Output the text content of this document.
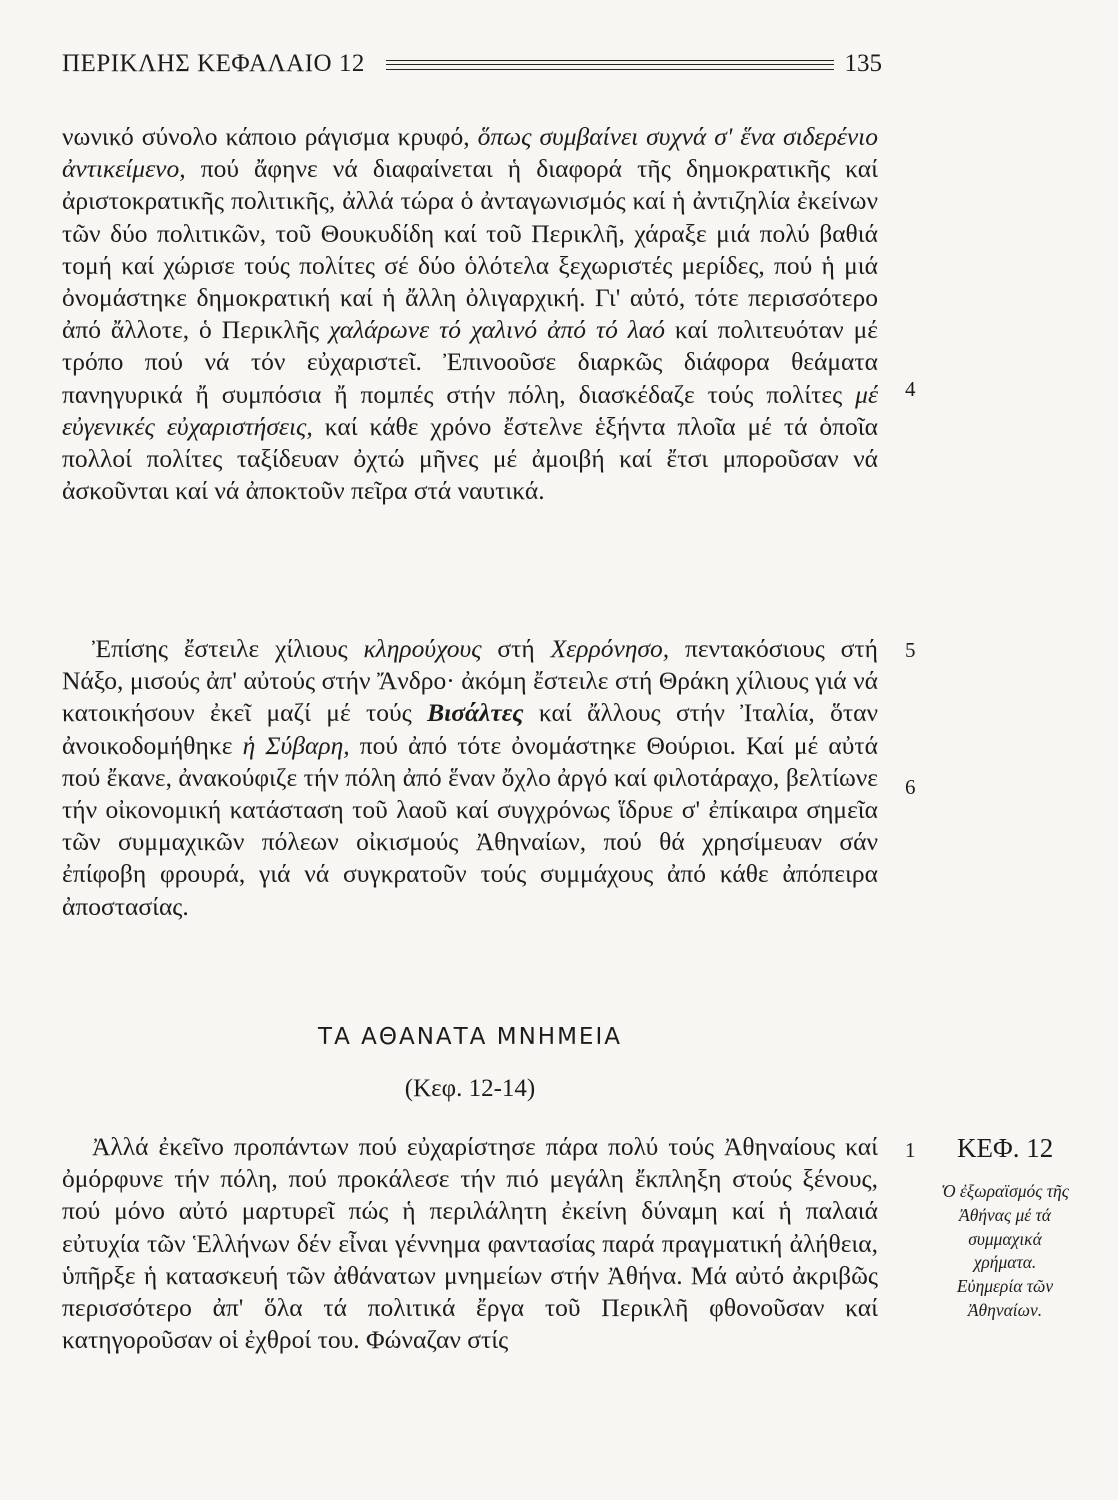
ΠΕΡΙΚΛΗΣ ΚΕΦΑΛΑΙΟ 12	135
νωνικό σύνολο κάποιο ράγισμα κρυφό, ὅπως συμβαίνει συχνά σ' ἕνα σιδερένιο ἀντικείμενο, πού ἄφηνε νά διαφαίνεται ἡ διαφορά τῆς δημοκρατικῆς καί ἀριστοκρατικῆς πολιτικῆς, ἀλλά τώρα ὁ ἀνταγωνισμός καί ἡ ἀντιζηλία ἐκείνων τῶν δύο πολιτικῶν, τοῦ Θουκυδίδη καί τοῦ Περικλῆ, χάραξε μιά πολύ βαθιά τομή καί χώρισε τούς πολίτες σέ δύο ὁλότελα ξεχωριστές μερίδες, πού ἡ μιά ὀνομάστηκε δημοκρατική καί ἡ ἄλλη ὀλιγαρχική. Γι' αὐτό, τότε περισσότερο ἀπό ἄλλοτε, ὁ Περικλῆς χαλάρωνε τό χαλινό ἀπό τό λαό καί πολιτευόταν μέ τρόπο πού νά τόν εὐχαριστεῖ. Ἐπινοοῦσε διαρκῶς διάφορα θεάματα πανηγυρικά ἤ συμπόσια ἤ πομπές στήν πόλη, διασκέδαζε τούς πολίτες μέ εὐγενικές εὐχαριστήσεις, καί κάθε χρόνο ἔστελνε ἑξήντα πλοῖα μέ τά ὁποῖα πολλοί πολίτες ταξίδευαν ὀχτώ μῆνες μέ ἀμοιβή καί ἔτσι μποροῦσαν νά ἀσκοῦνται καί νά ἀποκτοῦν πεῖρα στά ναυτικά.
Ἐπίσης ἔστειλε χίλιους κληρούχους στή Χερρόνησο, πεντακόσιους στή Νάξο, μισούς ἀπ' αὐτούς στήν Ἄνδρο· ἀκόμη ἔστειλε στή Θράκη χίλιους γιά νά κατοικήσουν ἐκεῖ μαζί μέ τούς Βισάλτες καί ἄλλους στήν Ἰταλία, ὅταν ἀνοικοδομήθηκε ἡ Σύβαρη, πού ἀπό τότε ὀνομάστηκε Θούριοι. Καί μέ αὐτά πού ἔκανε, ἀνακούφιζε τήν πόλη ἀπό ἕναν ὄχλο ἀργό καί φιλοτάραχο, βελτίωνε τήν οἰκονομική κατάσταση τοῦ λαοῦ καί συγχρόνως ἵδρυε σ' ἐπίκαιρα σημεῖα τῶν συμμαχικῶν πόλεων οἰκισμούς Ἀθηναίων, πού θά χρησίμευαν σάν ἐπίφοβη φρουρά, γιά νά συγκρατοῦν τούς συμμάχους ἀπό κάθε ἀπόπειρα ἀποστασίας.
ΤΑ ΑΘΑΝΑΤΑ ΜΝΗΜΕΙΑ
(Κεφ. 12-14)
Ἀλλά ἐκεῖνο προπάντων πού εὐχαρίστησε πάρα πολύ τούς Ἀθηναίους καί ὀμόρφυνε τήν πόλη, πού προκάλεσε τήν πιό μεγάλη ἔκπληξη στούς ξένους, πού μόνο αὐτό μαρτυρεῖ πώς ἡ περιλάλητη ἐκείνη δύναμη καί ἡ παλαιά εὐτυχία τῶν Ἑλλήνων δέν εἶναι γέννημα φαντασίας παρά πραγματική ἀλήθεια, ὑπῆρξε ἡ κατασκευή τῶν ἀθάνατων μνημείων στήν Ἀθήνα. Μά αὐτό ἀκριβῶς περισσότερο ἀπ' ὅλα τά πολιτικά ἔργα τοῦ Περικλῆ φθονοῦσαν καί κατηγοροῦσαν οἱ ἐχθροί του. Φώναζαν στίς
4
5
6
1 ΚΕΦ. 12
Ὁ ἐξωραϊσμός τῆς Ἀθήνας μέ τά συμμαχικά χρήματα. Εὐημερία τῶν Ἀθηναίων.
